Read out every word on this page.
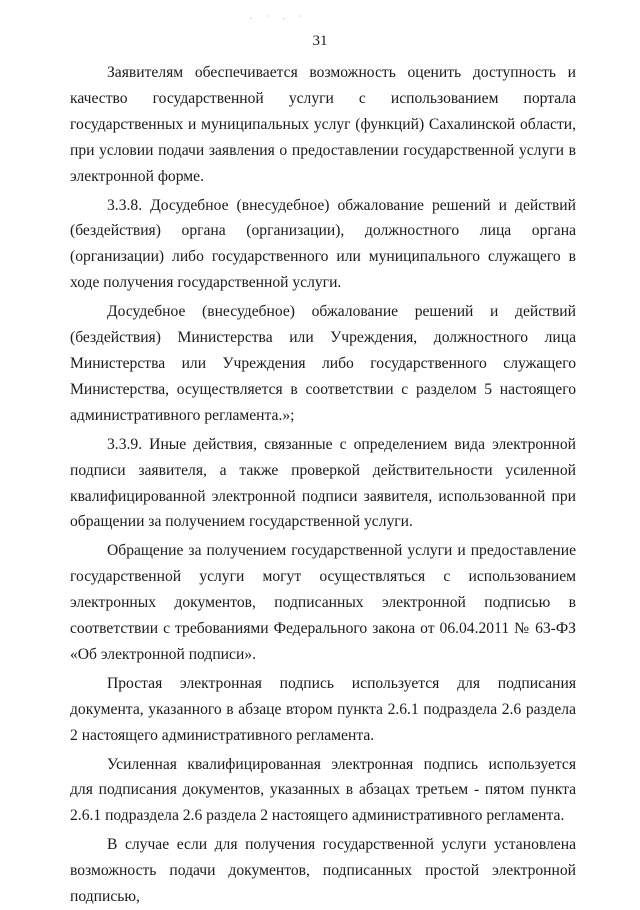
. · . ·
31

Заявителям обеспечивается возможность оценить доступность и качество государственной услуги с использованием портала государственных и муниципальных услуг (функций) Сахалинской области, при условии подачи заявления о предоставлении государственной услуги в электронной форме.

3.3.8. Досудебное (внесудебное) обжалование решений и действий (бездействия) органа (организации), должностного лица органа (организации) либо государственного или муниципального служащего в ходе получения государственной услуги.

Досудебное (внесудебное) обжалование решений и действий (бездействия) Министерства или Учреждения, должностного лица Министерства или Учреждения либо государственного служащего Министерства, осуществляется в соответствии с разделом 5 настоящего административного регламента.»;

3.3.9. Иные действия, связанные с определением вида электронной подписи заявителя, а также проверкой действительности усиленной квалифицированной электронной подписи заявителя, использованной при обращении за получением государственной услуги.

Обращение за получением государственной услуги и предоставление государственной услуги могут осуществляться с использованием электронных документов, подписанных электронной подписью в соответствии с требованиями Федерального закона от 06.04.2011 № 63-ФЗ «Об электронной подписи».

Простая электронная подпись используется для подписания документа, указанного в абзаце втором пункта 2.6.1 подраздела 2.6 раздела 2 настоящего административного регламента.

Усиленная квалифицированная электронная подпись используется для подписания документов, указанных в абзацах третьем - пятом пункта 2.6.1 подраздела 2.6 раздела 2 настоящего административного регламента.

В случае если для получения государственной услуги установлена возможность подачи документов, подписанных простой электронной подписью,
